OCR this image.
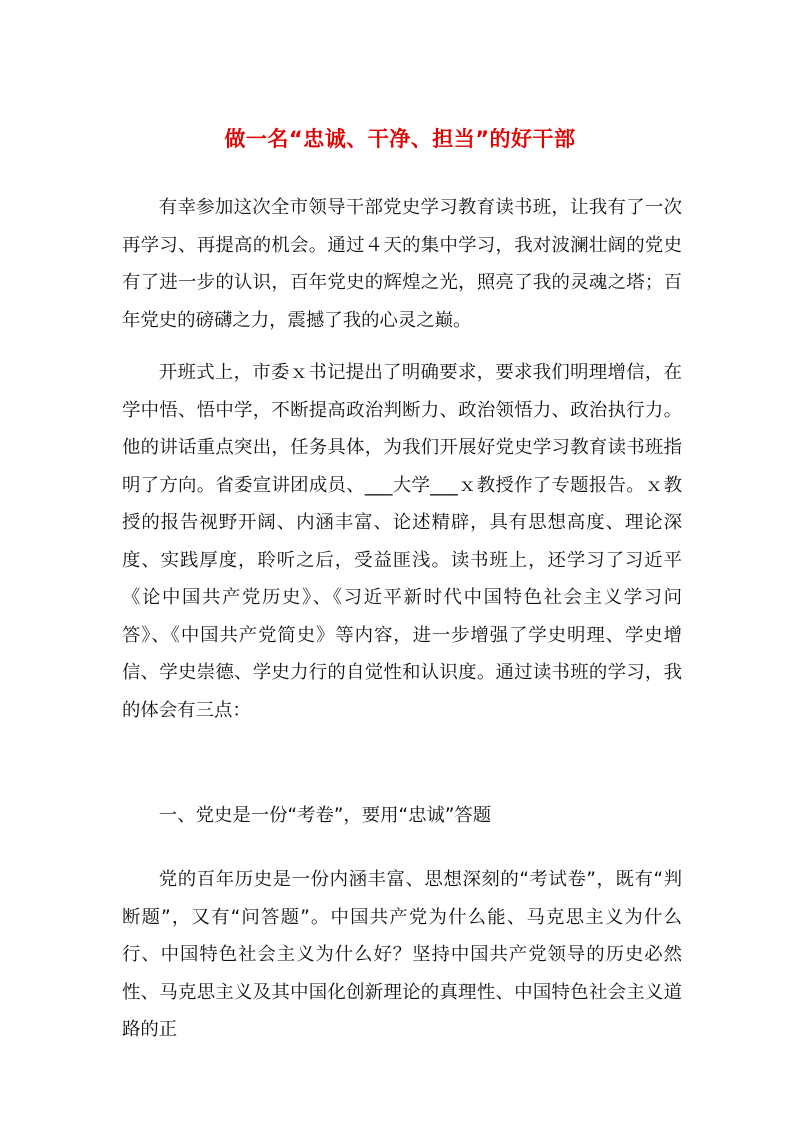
做一名“忠诚、干净、担当”的好干部

有幸参加这次全市领导干部党史学习教育读书班，让我有了一次再学习、再提高的机会。通过４天的集中学习，我对波澜壮阔的党史有了进一步的认识，百年党史的辉煌之光，照亮了我的灵魂之塔；百年党史的磅礴之力，震撼了我的心灵之巅。

开班式上，市委ｘ书记提出了明确要求，要求我们明理增信，在学中悟、悟中学，不断提高政治判断力、政治领悟力、政治执行力。他的讲话重点突出，任务具体，为我们开展好党史学习教育读书班指明了方向。省委宣讲团成员、___大学___ｘ教授作了专题报告。ｘ教授的报告视野开阔、内涵丰富、论述精辟，具有思想高度、理论深度、实践厚度，聆听之后，受益匪浅。读书班上，还学习了习近平《论中国共产党历史》、《习近平新时代中国特色社会主义学习问答》、《中国共产党简史》等内容，进一步增强了学史明理、学史增信、学史崇德、学史力行的自觉性和认识度。通过读书班的学习，我的体会有三点：

一、党史是一份“考卷”，要用“忠诚”答题

党的百年历史是一份内涵丰富、思想深刻的“考试卷”，既有“判断题”，又有“问答题”。中国共产党为什么能、马克思主义为什么行、中国特色社会主义为什么好？坚持中国共产党领导的历史必然性、马克思主义及其中国化创新理论的真理性、中国特色社会主义道路的正
